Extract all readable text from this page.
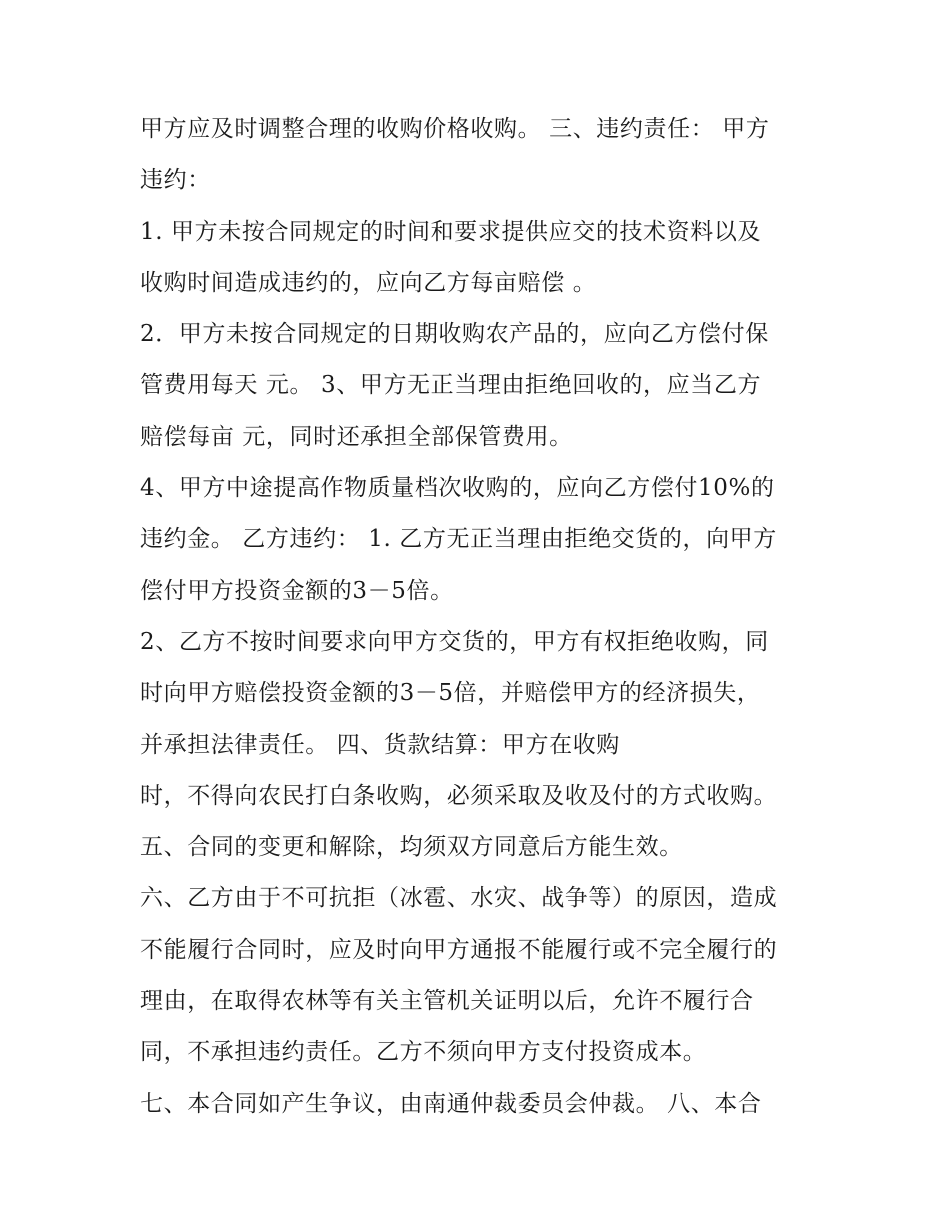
甲方应及时调整合理的收购价格收购。 三、违约责任： 甲方
违约：
1. 甲方未按合同规定的时间和要求提供应交的技术资料以及
收购时间造成违约的，应向乙方每亩赔偿 。
2．甲方未按合同规定的日期收购农产品的，应向乙方偿付保
管费用每天 元。 3、甲方无正当理由拒绝回收的，应当乙方
赔偿每亩 元，同时还承担全部保管费用。
4、甲方中途提高作物质量档次收购的，应向乙方偿付10%的
违约金。 乙方违约： 1. 乙方无正当理由拒绝交货的，向甲方
偿付甲方投资金额的3－5倍。
2、乙方不按时间要求向甲方交货的，甲方有权拒绝收购，同
时向甲方赔偿投资金额的3－5倍，并赔偿甲方的经济损失，
并承担法律责任。 四、货款结算：甲方在收购
时，不得向农民打白条收购，必须采取及收及付的方式收购。
五、合同的变更和解除，均须双方同意后方能生效。
六、乙方由于不可抗拒（冰雹、水灾、战争等）的原因，造成
不能履行合同时，应及时向甲方通报不能履行或不完全履行的
理由，在取得农林等有关主管机关证明以后，允许不履行合
同，不承担违约责任。乙方不须向甲方支付投资成本。
七、本合同如产生争议，由南通仲裁委员会仲裁。 八、本合
